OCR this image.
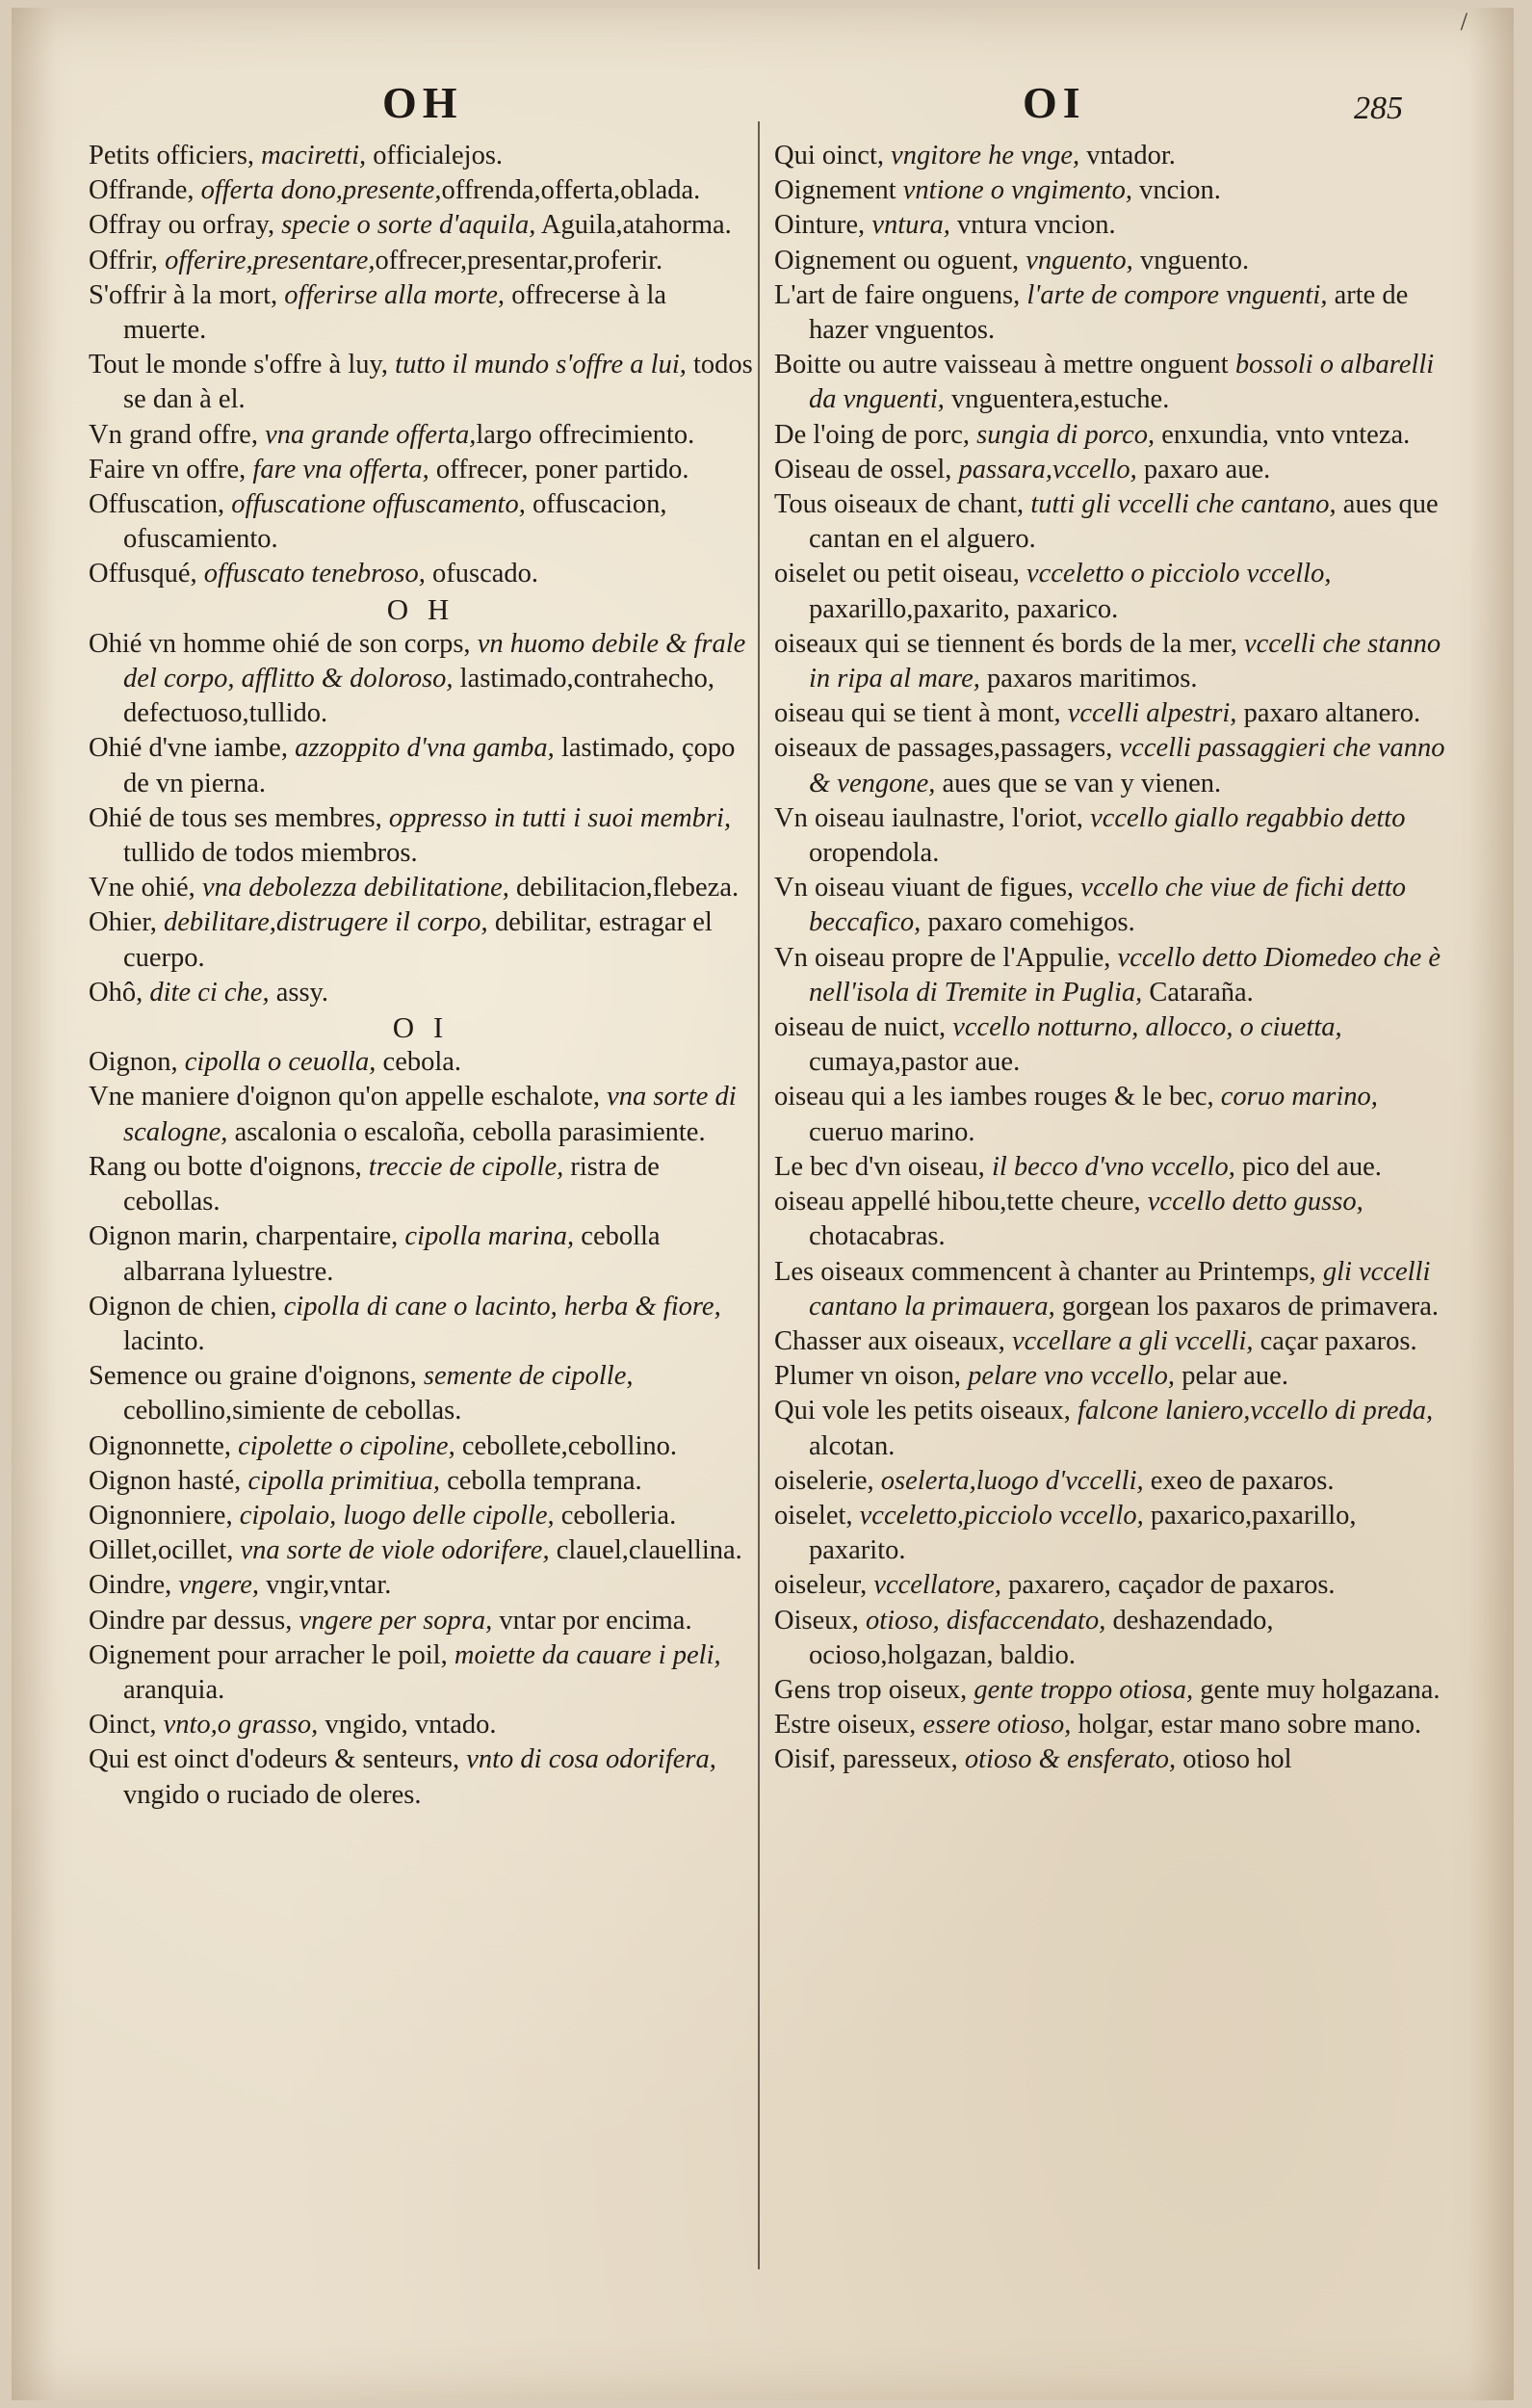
/
OH	OI	285

Petits officiers, maciretti, officialejos.

Offrande, offerta dono,presente,offrenda,offerta,oblada.

Offray ou orfray, specie o sorte d'aquila, Aguila,atahorma.

Offrir, offerire,presentare,offrecer,presentar,proferir.

S'offrir à la mort, offerirse alla morte, offrecerse à la muerte.

Tout le monde s'offre à luy, tutto il mundo s'offre a lui, todos se dan à el.

Vn grand offre, vna grande offerta,largo offrecimiento.

Faire vn offre, fare vna offerta, offrecer, poner partido.

Offuscation, offuscatione offuscamento, offuscacion, ofuscamiento.

Offusqué, offuscato tenebroso, ofuscado.

O H

Ohié vn homme ohié de son corps, vn huomo debile & frale del corpo, afflitto & doloroso, lastimado,contrahecho, defectuoso,tullido.

Ohié d'vne iambe, azzoppito d'vna gamba, lastimado, çopo de vn pierna.

Ohié de tous ses membres, oppresso in tutti i suoi membri, tullido de todos miembros.

Vne ohié, vna debolezza debilitatione, debilitacion,flebeza.

Ohier, debilitare,distrugere il corpo, debilitar, estragar el cuerpo.

Ohô, dite ci che, assy.

O I

Oignon, cipolla o ceuolla, cebola.

Vne maniere d'oignon qu'on appelle eschalote, vna sorte di scalogne, ascalonia o escaloña, cebolla parasimiente.

Rang ou botte d'oignons, treccie de cipolle, ristra de cebollas.

Oignon marin, charpentaire, cipolla marina, cebolla albarrana lyluestre.

Oignon de chien, cipolla di cane o lacinto, herba & fiore, lacinto.

Semence ou graine d'oignons, semente de cipolle, cebollino,simiente de cebollas.

Oignonnette, cipolette o cipoline, cebollete,cebollino.

Oignon hasté, cipolla primitiua, cebolla temprana.

Oignonniere, cipolaio, luogo delle cipolle, cebolleria.

Oillet,ocillet, vna sorte de viole odorifere, clauel,clauellina.

Oindre, vngere, vngir,vntar.

Oindre par dessus, vngere per sopra, vntar por encima.

Oignement pour arracher le poil, moiette da cauare i peli, aranquia.

Oinct, vnto,o grasso, vngido, vntado.

Qui est oinct d'odeurs & senteurs, vnto di cosa odorifera, vngido o ruciado de oleres.

Qui oinct, vngitore he vnge, vntador.

Oignement vntione o vngimento, vncion.

Ointure, vntura, vntura vncion.

Oignement ou oguent, vnguento, vnguento.

L'art de faire onguens, l'arte de compore vnguenti, arte de hazer vnguentos.

Boitte ou autre vaisseau à mettre onguent bossoli o albarelli da vnguenti, vnguentera,estuche.

De l'oing de porc, sungia di porco, enxundia, vnto vnteza.

Oiseau de ossel, passara,vccello, paxaro aue.

Tous oiseaux de chant, tutti gli vccelli che cantano, aues que cantan en el alguero.

oiselet ou petit oiseau, vcceletto o picciolo vccello, paxarillo,paxarito, paxarico.

oiseaux qui se tiennent és bords de la mer, vccelli che stanno in ripa al mare, paxaros maritimos.

oiseau qui se tient à mont, vccelli alpestri, paxaro altanero.

oiseaux de passages,passagers, vccelli passaggieri che vanno & vengone, aues que se van y vienen.

Vn oiseau iaulnastre, l'oriot, vccello giallo regabbio detto oropendola.

Vn oiseau viuant de figues, vccello che viue de fichi detto beccafico, paxaro comehigos.

Vn oiseau propre de l'Appulie, vccello detto Diomedeo che è nell'isola di Tremite in Puglia, Catarañа.

oiseau de nuict, vccello notturno, allocco, o ciuetta, cumaya,pastor aue.

oiseau qui a les iambes rouges & le bec, coruo marino, cueruo marino.

Le bec d'vn oiseau, il becco d'vno vccello, pico del aue.

oiseau appellé hibou,tette cheure, vccello detto gusso, chotacabras.

Les oiseaux commencent à chanter au Printemps, gli vccelli cantano la primauera, gorgean los paxaros de primavera.

Chasser aux oiseaux, vccellare a gli vccelli, caçar paxaros.

Plumer vn oison, pelare vno vccello, pelar aue.

Qui vole les petits oiseaux, falcone laniero,vccello di preda, alcotan.

oiselerie, oselerta,luogo d'vccelli, exeo de paxaros.

oiselet, vcceletto,picciolo vccello, paxarico,paxarillo, paxarito.

oiseleur, vccellatore, paxarero, caçador de paxaros.

Oiseux, otioso, disfaccendato, deshazendado, ocioso,holgazan, baldio.

Gens trop oiseux, gente troppo otiosa, gente muy holgazana.

Estre oiseux, essere otioso, holgar, estar mano sobre mano.

Oisif, paresseux, otioso & ensferato, otioso hol
